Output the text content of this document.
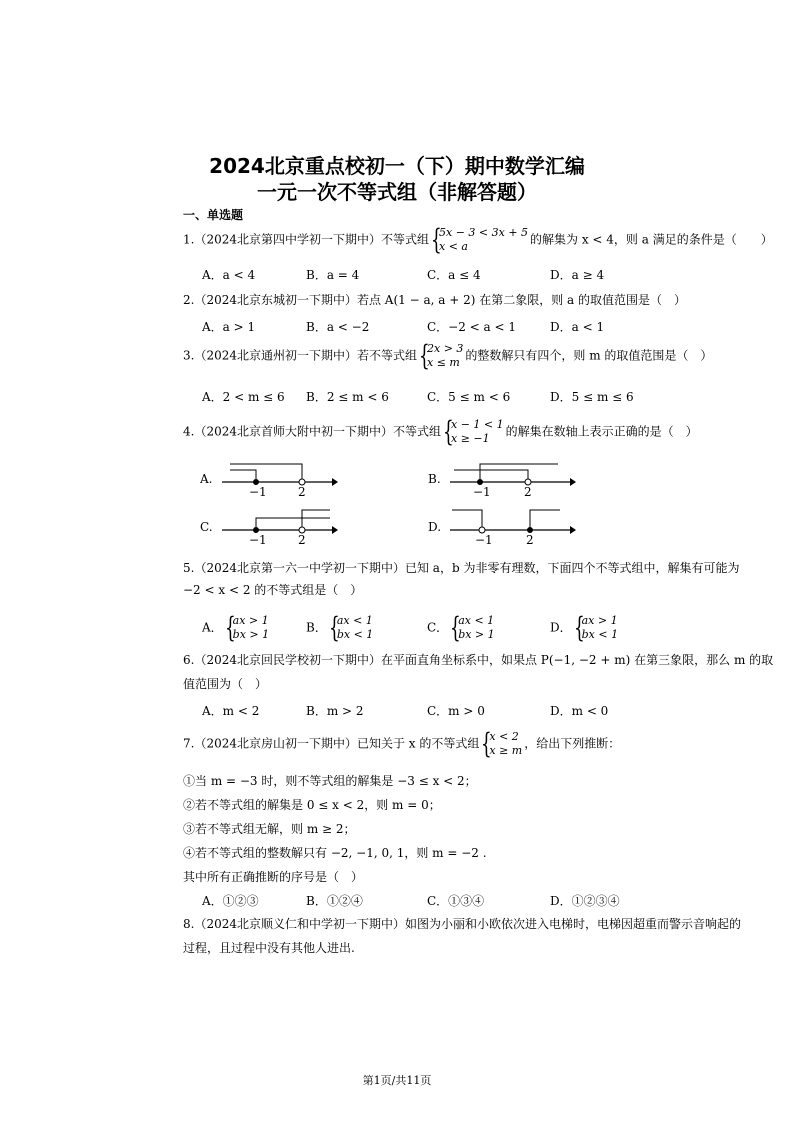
2024北京重点校初一（下）期中数学汇编
一元一次不等式组（非解答题）
一、单选题
1.（2024北京第四中学初一下期中）不等式组 {
5x − 3 < 3x + 5
x < a	的解集为 x < 4，则 a 满足的条件是（　　）
A．a < 4	B．a = 4	C．a ≤ 4	D．a ≥ 4
2.（2024北京东城初一下期中）若点 A(1 − a, a + 2) 在第二象限，则 a 的取值范围是（　）
A．a > 1	B．a < −2	C．−2 < a < 1	D．a < 1
3.（2024北京通州初一下期中）若不等式组 {
2x > 3
x ≤ m 的整数解只有四个，则 m 的取值范围是（　）
A．2 < m ≤ 6 B．2 ≤ m < 6	C．5 ≤ m < 6	D．5 ≤ m ≤ 6
4.（2024北京首师大附中初一下期中）不等式组 {
x − 1 < 1
x ≥ −1	的解集在数轴上表示正确的是（　）
A.
−1	2
B.
−1	2
C.
−1	2
D.
−1	2
5.（2024北京第一六一中学初一下期中）已知 a，b 为非零有理数，下面四个不等式组中，解集有可能为
−2 < x < 2 的不等式组是（　）
A． {
ax > 1
bx > 1	B． {
ax < 1
bx < 1	C． {
ax < 1
bx > 1	D． {
ax > 1
bx < 1
6.（2024北京回民学校初一下期中）在平面直角坐标系中，如果点 P(−1, −2 + m) 在第三象限，那么 m 的取
值范围为（　）
A．m < 2	B．m > 2	C．m > 0	D．m < 0
7.（2024北京房山初一下期中）已知关于 x 的不等式组 {
x < 2
x ≥ m ，给出下列推断：
①当 m = −3 时，则不等式组的解集是 −3 ≤ x < 2；
②若不等式组的解集是 0 ≤ x < 2，则 m = 0；
③若不等式组无解，则 m ≥ 2；
④若不等式组的整数解只有 −2, −1, 0, 1，则 m = −2 .
其中所有正确推断的序号是（　）
A．①②③	B．①②④	C．①③④	D．①②③④
8.（2024北京顺义仁和中学初一下期中）如图为小丽和小欧依次进入电梯时，电梯因超重而警示音响起的
过程，且过程中没有其他人进出.
第1页/共11页
